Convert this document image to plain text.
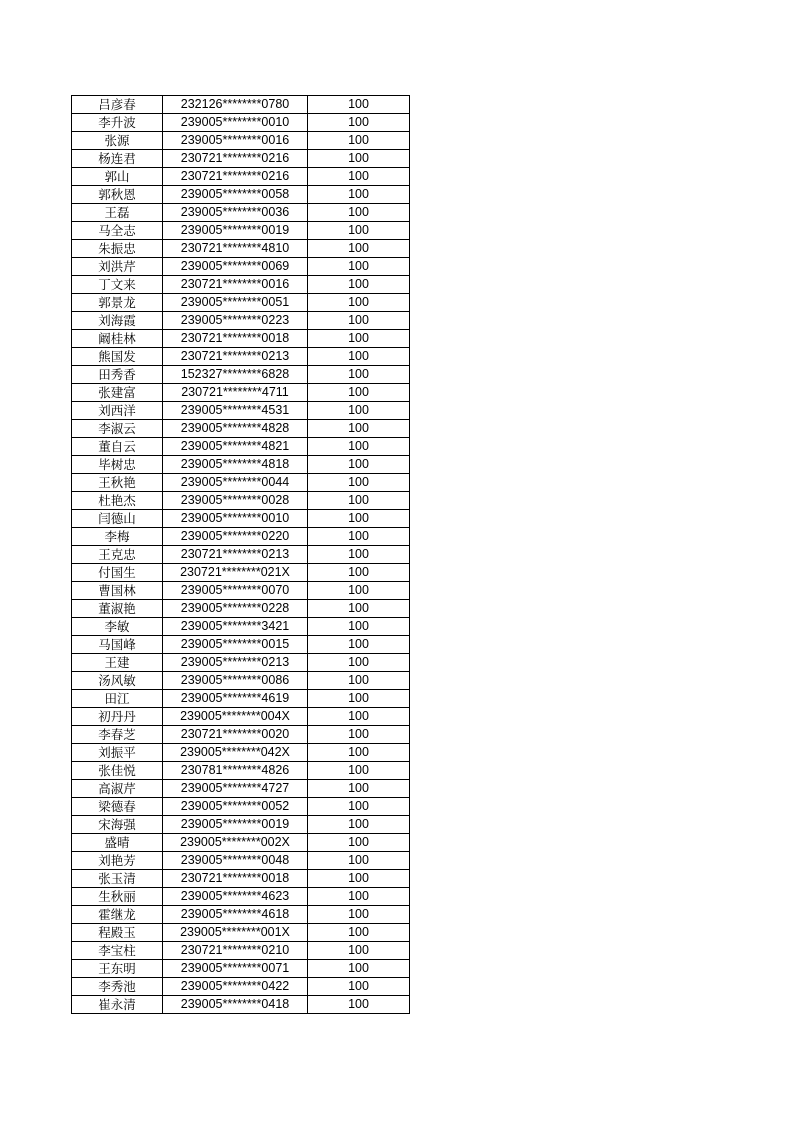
吕彦春	232126********0780	100
李升波	239005********0010	100
张源	239005********0016	100
杨连君	230721********0216	100
郭山	230721********0216	100
郭秋恩	239005********0058	100
王磊	239005********0036	100
马全志	239005********0019	100
朱振忠	230721********4810	100
刘洪芹	239005********0069	100
丁文来	230721********0016	100
郭景龙	239005********0051	100
刘海霞	239005********0223	100
阚桂林	230721********0018	100
熊国发	230721********0213	100
田秀香	152327********6828	100
张建富	230721********4711	100
刘西洋	239005********4531	100
李淑云	239005********4828	100
董自云	239005********4821	100
毕树忠	239005********4818	100
王秋艳	239005********0044	100
杜艳杰	239005********0028	100
闫德山	239005********0010	100
李梅	239005********0220	100
王克忠	230721********0213	100
付国生	230721********021X	100
曹国林	239005********0070	100
董淑艳	239005********0228	100
李敏	239005********3421	100
马国峰	239005********0015	100
王建	239005********0213	100
汤风敏	239005********0086	100
田江	239005********4619	100
初丹丹	239005********004X	100
李春芝	230721********0020	100
刘振平	239005********042X	100
张佳悦	230781********4826	100
高淑芹	239005********4727	100
梁德春	239005********0052	100
宋海强	239005********0019	100
盛晴	239005********002X	100
刘艳芳	239005********0048	100
张玉清	230721********0018	100
生秋丽	239005********4623	100
霍继龙	239005********4618	100
程殿玉	239005********001X	100
李宝柱	230721********0210	100
王东明	239005********0071	100
李秀池	239005********0422	100
崔永清	239005********0418	100
